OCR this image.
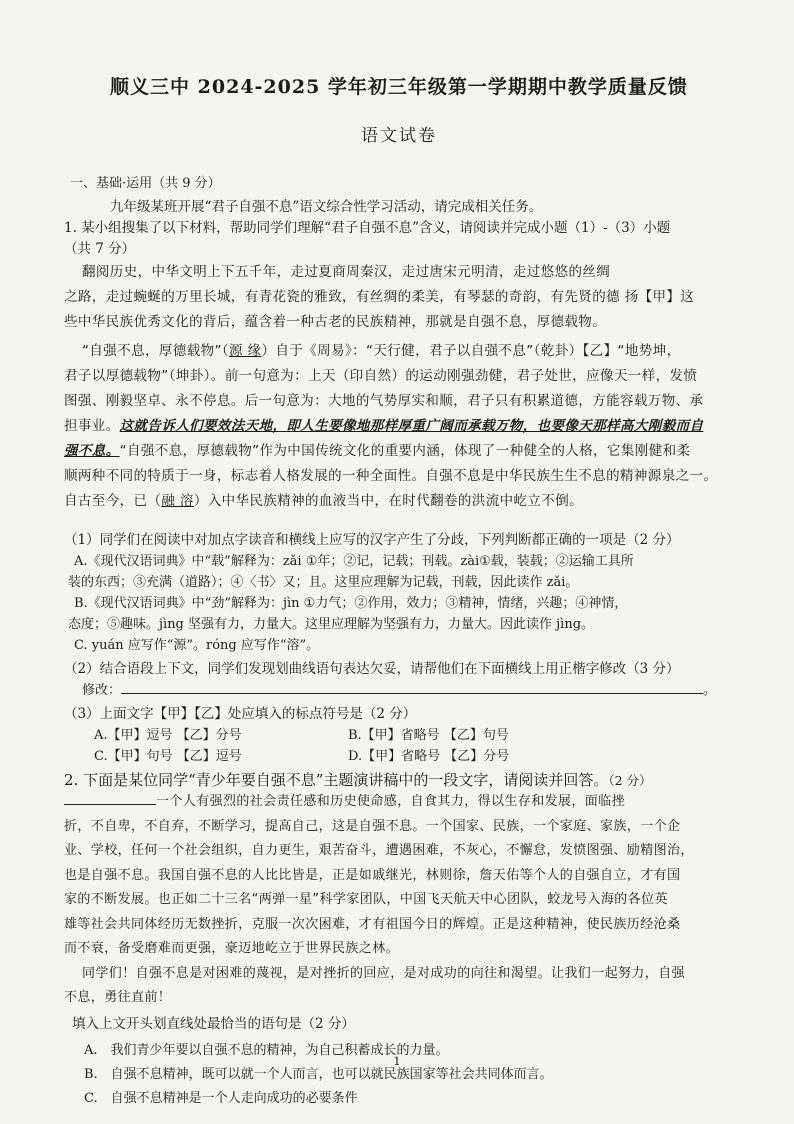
顺义三中 2024-2025 学年初三年级第一学期期中教学质量反馈
语文试卷

一、基础·运用（共 9 分）

九年级某班开展“君子自强不息”语文综合性学习活动，请完成相关任务。

1. 某小组搜集了以下材料，帮助同学们理解“君子自强不息”含义，请阅读并完成小题（1）-（3）小题
（共 7 分）

翻阅历史，中华文明上下五千年，走过夏商周秦汉，走过唐宋元明清，走过悠悠的丝绸

之路，走过蜿蜒的万里长城，有青花瓷的雅致，有丝绸的柔美，有琴瑟的奇韵，有先贤的德 扬【甲】这

些中华民族优秀文化的背后，蕴含着一种古老的民族精神，那就是自强不息，厚德载物。

“自强不息，厚德载物”（源 缘）自于《周易》：“天行健，君子以自强不息”（乾卦）【乙】“地势坤，

君子以厚德载物”（坤卦）。前一句意为：上天（印自然）的运动刚强劲健，君子处世，应像天一样，发愤

图强、刚毅坚卓、永不停息。后一句意为：大地的气势厚实和顺，君子只有积累道德，方能容载万物、承

担事业。这就告诉人们要效法天地，即人生要像地那样厚重广阔而承载万物，也要像天那样高大刚毅而自

强不息。“自强不息，厚德载物”作为中国传统文化的重要内涵，体现了一种健全的人格，它集刚健和柔

顺两种不同的特质于一身，标志着人格发展的一种全面性。自强不息是中华民族生生不息的精神源泉之一。

自古至今，已（融 溶）入中华民族精神的血液当中，在时代翻卷的洪流中屹立不倒。

（1）同学们在阅读中对加点字读音和横线上应写的汉字产生了分歧，下列判断都正确的一项是（2 分）

A.《现代汉语词典》中“载”解释为：zǎi ①年；②记，记载；刊载。zài①载，装载；②运输工具所

装的东西；③充满（道路）；④〈书〉又；且。这里应理解为记载，刊载，因此读作 zǎi。

B.《现代汉语词典》中“劲”解释为：jìn ①力气；②作用，效力；③精神，情绪，兴趣；④神情，

态度；⑤趣味。jìng 坚强有力，力量大。这里应理解为坚强有力，力量大。因此读作 jìng。

C. yuán 应写作“源”。róng 应写作“溶”。

（2）结合语段上下文，同学们发现划曲线语句表达欠妥，请帮他们在下面横线上用正楷字修改（3 分）

修改：	。

（3）上面文字【甲】【乙】处应填入的标点符号是（2 分）

A.【甲】逗号 【乙】分号	B.【甲】省略号 【乙】句号
C.【甲】句号 【乙】逗号	D.【甲】省略号 【乙】分号

2. 下面是某位同学“青少年要自强不息”主题演讲稿中的一段文字，请阅读并回答。（2 分）

一个人有强烈的社会责任感和历史使命感，自食其力，得以生存和发展，面临挫

折，不自卑，不自弃，不断学习，提高自己，这是自强不息。一个国家、民族，一个家庭、家族，一个企

业、学校，任何一个社会组织，自力更生，艰苦奋斗，遭遇困难，不灰心，不懈怠，发愤图强、励精图治，

也是自强不息。我国自强不息的人比比皆是，正是如戚继光，林则徐，詹天佑等个人的自强自立，才有国

家的不断发展。也正如二十三名“两弹一星”科学家团队，中国飞天航天中心团队，蛟龙号入海的各位英

雄等社会共同体经历无数挫折，克服一次次困难，才有祖国今日的辉煌。正是这种精神，使民族历经沧桑

而不衰，备受磨难而更强，豪迈地屹立于世界民族之林。

同学们！自强不息是对困难的蔑视，是对挫折的回应，是对成功的向往和渴望。让我们一起努力，自强

不息，勇往直前！

填入上文开头划直线处最恰当的语句是（2 分）

A.　我们青少年要以自强不息的精神，为自己积蓄成长的力量。

B.　自强不息精神，既可以就一个人而言，也可以就民族国家等社会共同体而言。

C.　自强不息精神是一个人走向成功的必要条件

1
